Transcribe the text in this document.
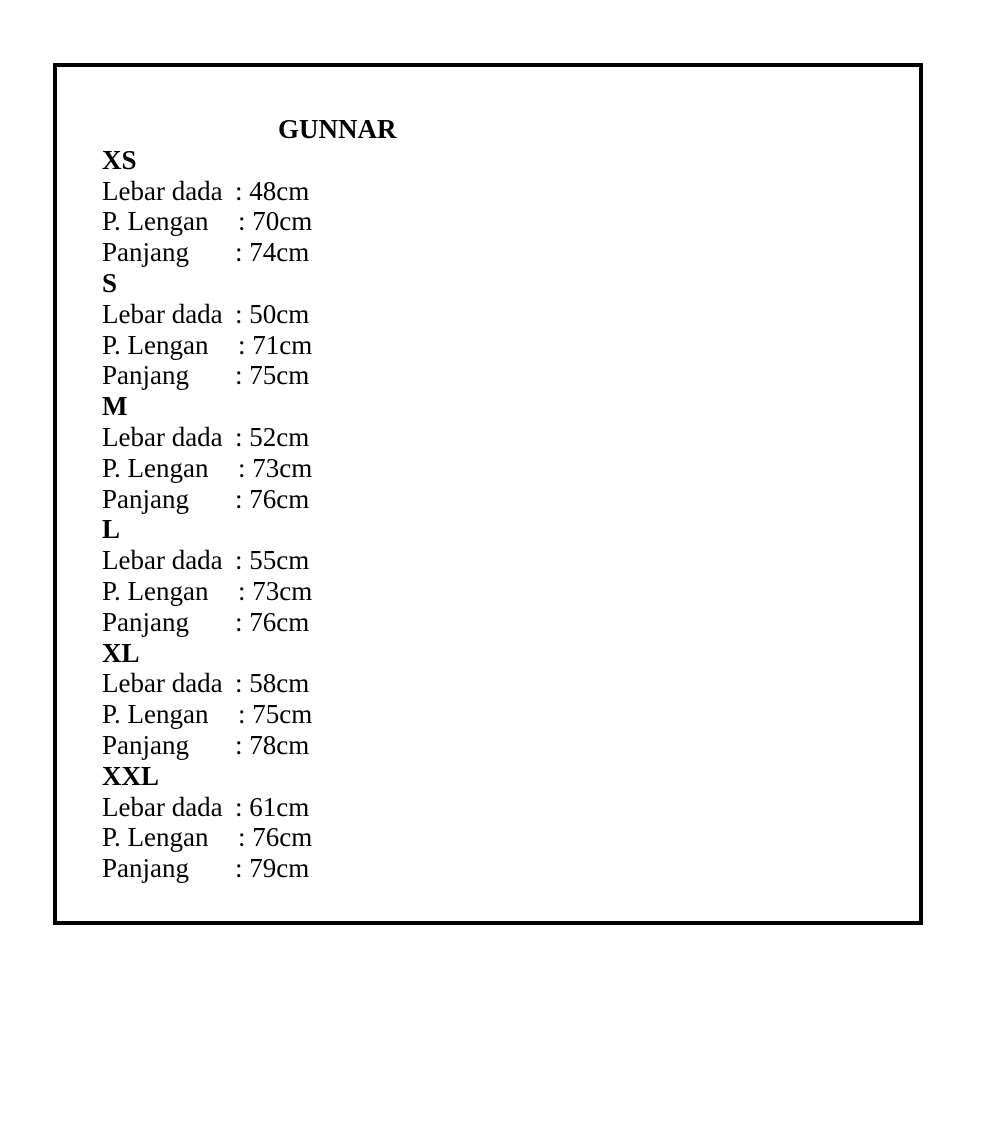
GUNNAR
XS
Lebar dada : 48cm
P. Lengan	: 70cm
Panjang	: 74cm
S
Lebar dada : 50cm
P. Lengan	: 71cm
Panjang	: 75cm
M
Lebar dada : 52cm
P. Lengan	: 73cm
Panjang	: 76cm
L
Lebar dada : 55cm
P. Lengan	: 73cm
Panjang	: 76cm
XL
Lebar dada : 58cm
P. Lengan	: 75cm
Panjang	: 78cm
XXL
Lebar dada : 61cm
P. Lengan	: 76cm
Panjang	: 79cm
